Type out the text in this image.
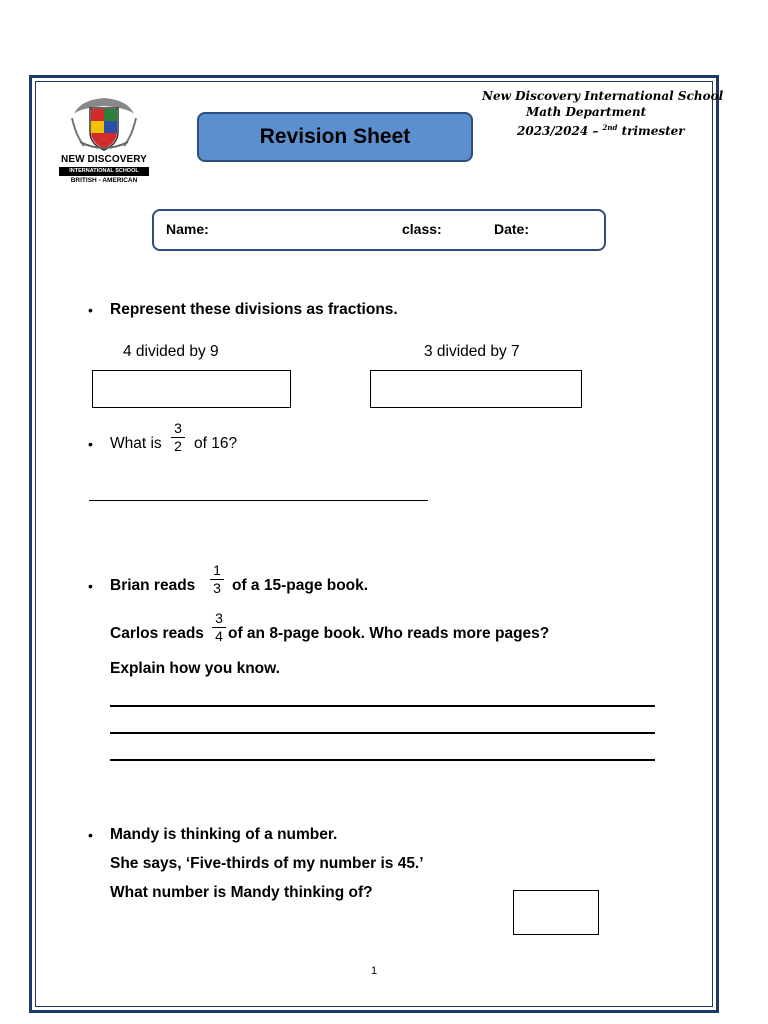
NEW DISCOVERY
INTERNATIONAL SCHOOL
BRITISH - AMERICAN
Revision Sheet
New Discovery International School
Math Department
2023/2024 – $^{2nd}$ trimester
Name:	class:	Date:
• Represent these divisions as fractions.
4 divided by 9	3 divided by 7
• What is
3
2 of 16?
• Brian reads
1
3 of a 15-page book.
Carlos reads
3
4 of an 8-page book. Who reads more pages?
Explain how you know.
• Mandy is thinking of a number.
She says, ‘Five-thirds of my number is 45.’
What number is Mandy thinking of?
1
